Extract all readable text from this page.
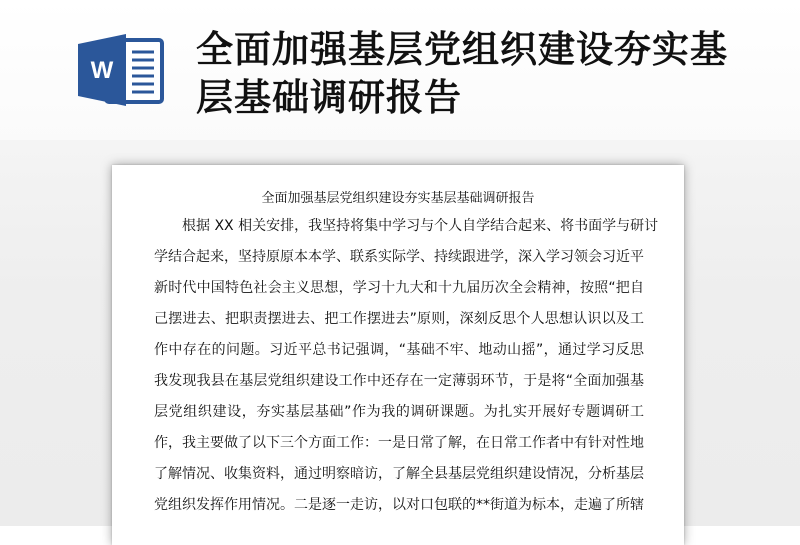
W 全面加强基层党组织建设夯实基
层基础调研报告
全面加强基层党组织建设夯实基层基础调研报告
根据 XX 相关安排，我坚持将集中学习与个人自学结合起来、将书面学与研讨
学结合起来，坚持原原本本学、联系实际学、持续跟进学，深入学习领会习近平
新时代中国特色社会主义思想，学习十九大和十九届历次全会精神，按照“把自
己摆进去、把职责摆进去、把工作摆进去”原则，深刻反思个人思想认识以及工
作中存在的问题。习近平总书记强调，“基础不牢、地动山摇”，通过学习反思
我发现我县在基层党组织建设工作中还存在一定薄弱环节，于是将“全面加强基
层党组织建设，夯实基层基础”作为我的调研课题。为扎实开展好专题调研工
作，我主要做了以下三个方面工作：一是日常了解，在日常工作者中有针对性地
了解情况、收集资料，通过明察暗访，了解全县基层党组织建设情况，分析基层
党组织发挥作用情况。二是逐一走访，以对口包联的**街道为标本，走遍了所辖
